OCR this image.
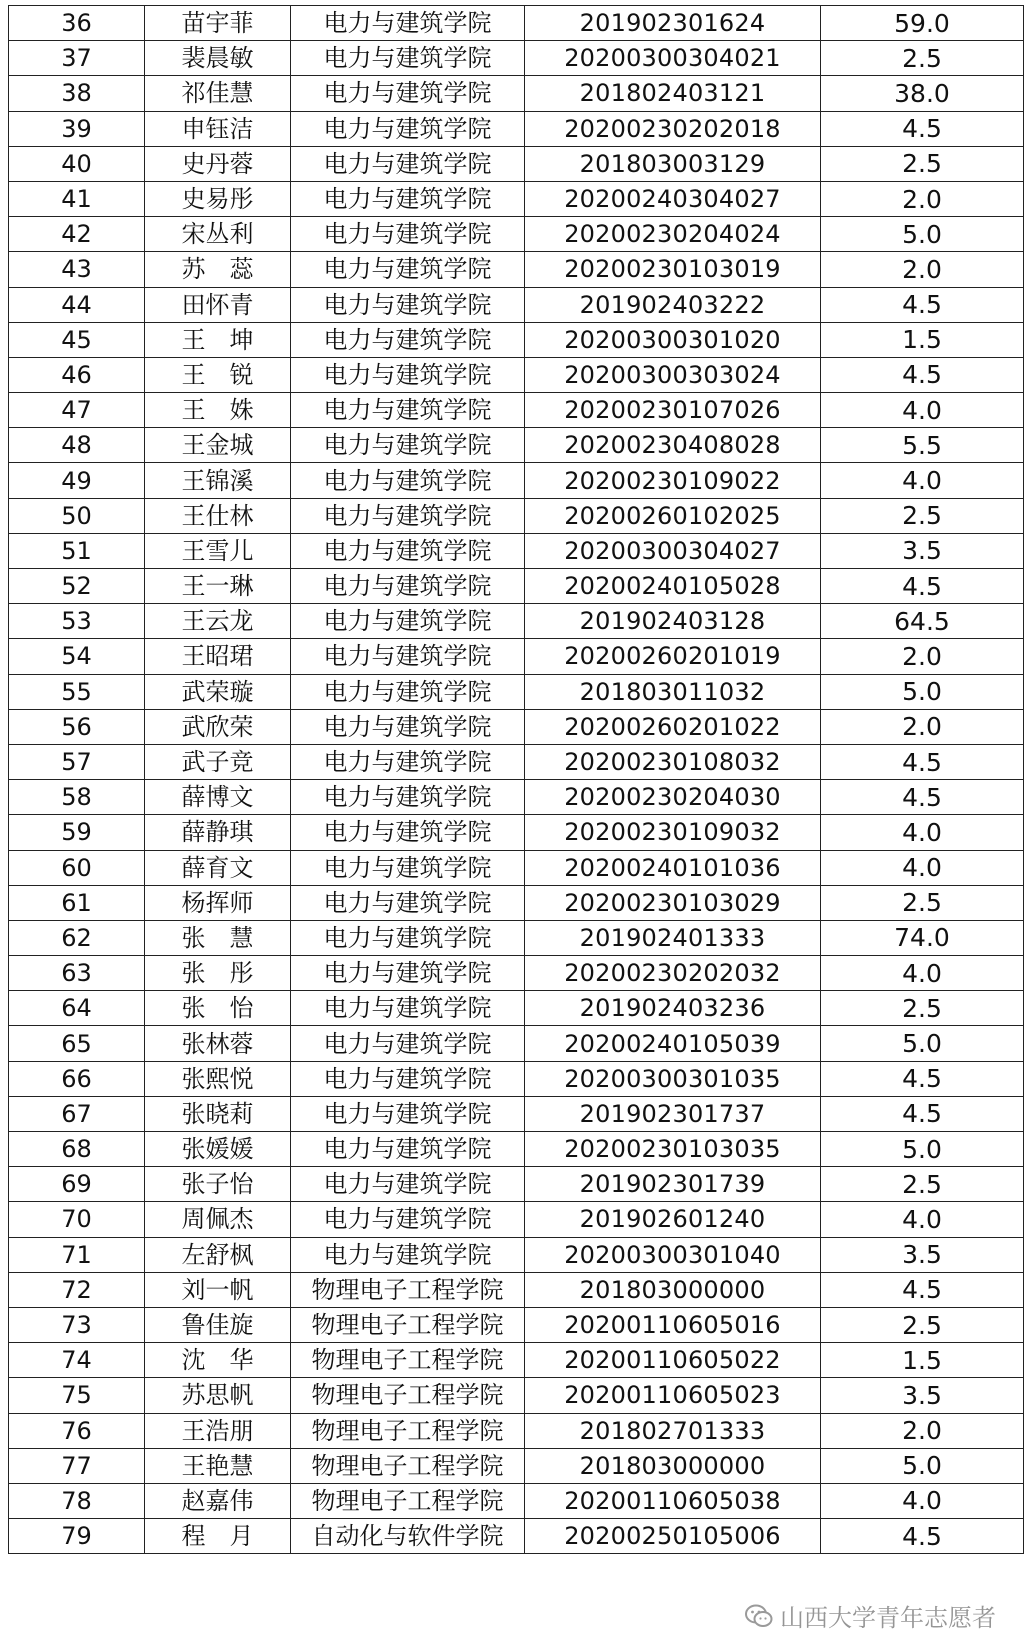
36	苗宇菲	电力与建筑学院	201902301624	59.0
37	裴晨敏	电力与建筑学院	20200300304021	2.5
38	祁佳慧	电力与建筑学院	201802403121	38.0
39	申钰洁	电力与建筑学院	20200230202018	4.5
40	史丹蓉	电力与建筑学院	201803003129	2.5
41	史易彤	电力与建筑学院	20200240304027	2.0
42	宋丛利	电力与建筑学院	20200230204024	5.0
43	苏　蕊	电力与建筑学院	20200230103019	2.0
44	田怀青	电力与建筑学院	201902403222	4.5
45	王　坤	电力与建筑学院	20200300301020	1.5
46	王　锐	电力与建筑学院	20200300303024	4.5
47	王　姝	电力与建筑学院	20200230107026	4.0
48	王金城	电力与建筑学院	20200230408028	5.5
49	王锦溪	电力与建筑学院	20200230109022	4.0
50	王仕林	电力与建筑学院	20200260102025	2.5
51	王雪儿	电力与建筑学院	20200300304027	3.5
52	王一琳	电力与建筑学院	20200240105028	4.5
53	王云龙	电力与建筑学院	201902403128	64.5
54	王昭珺	电力与建筑学院	20200260201019	2.0
55	武荣璇	电力与建筑学院	201803011032	5.0
56	武欣荣	电力与建筑学院	20200260201022	2.0
57	武子竞	电力与建筑学院	20200230108032	4.5
58	薛博文	电力与建筑学院	20200230204030	4.5
59	薛静琪	电力与建筑学院	20200230109032	4.0
60	薛育文	电力与建筑学院	20200240101036	4.0
61	杨挥师	电力与建筑学院	20200230103029	2.5
62	张　慧	电力与建筑学院	201902401333	74.0
63	张　彤	电力与建筑学院	20200230202032	4.0
64	张　怡	电力与建筑学院	201902403236	2.5
65	张林蓉	电力与建筑学院	20200240105039	5.0
66	张熙悦	电力与建筑学院	20200300301035	4.5
67	张晓莉	电力与建筑学院	201902301737	4.5
68	张媛媛	电力与建筑学院	20200230103035	5.0
69	张子怡	电力与建筑学院	201902301739	2.5
70	周佩杰	电力与建筑学院	201902601240	4.0
71	左舒枫	电力与建筑学院	20200300301040	3.5
72	刘一帆	物理电子工程学院	201803000000	4.5
73	鲁佳旋	物理电子工程学院	20200110605016	2.5
74	沈　华	物理电子工程学院	20200110605022	1.5
75	苏思帆	物理电子工程学院	20200110605023	3.5
76	王浩朋	物理电子工程学院	201802701333	2.0
77	王艳慧	物理电子工程学院	201803000000	5.0
78	赵嘉伟	物理电子工程学院	20200110605038	4.0
79	程　月	自动化与软件学院	20200250105006	4.5
山西大学青年志愿者
